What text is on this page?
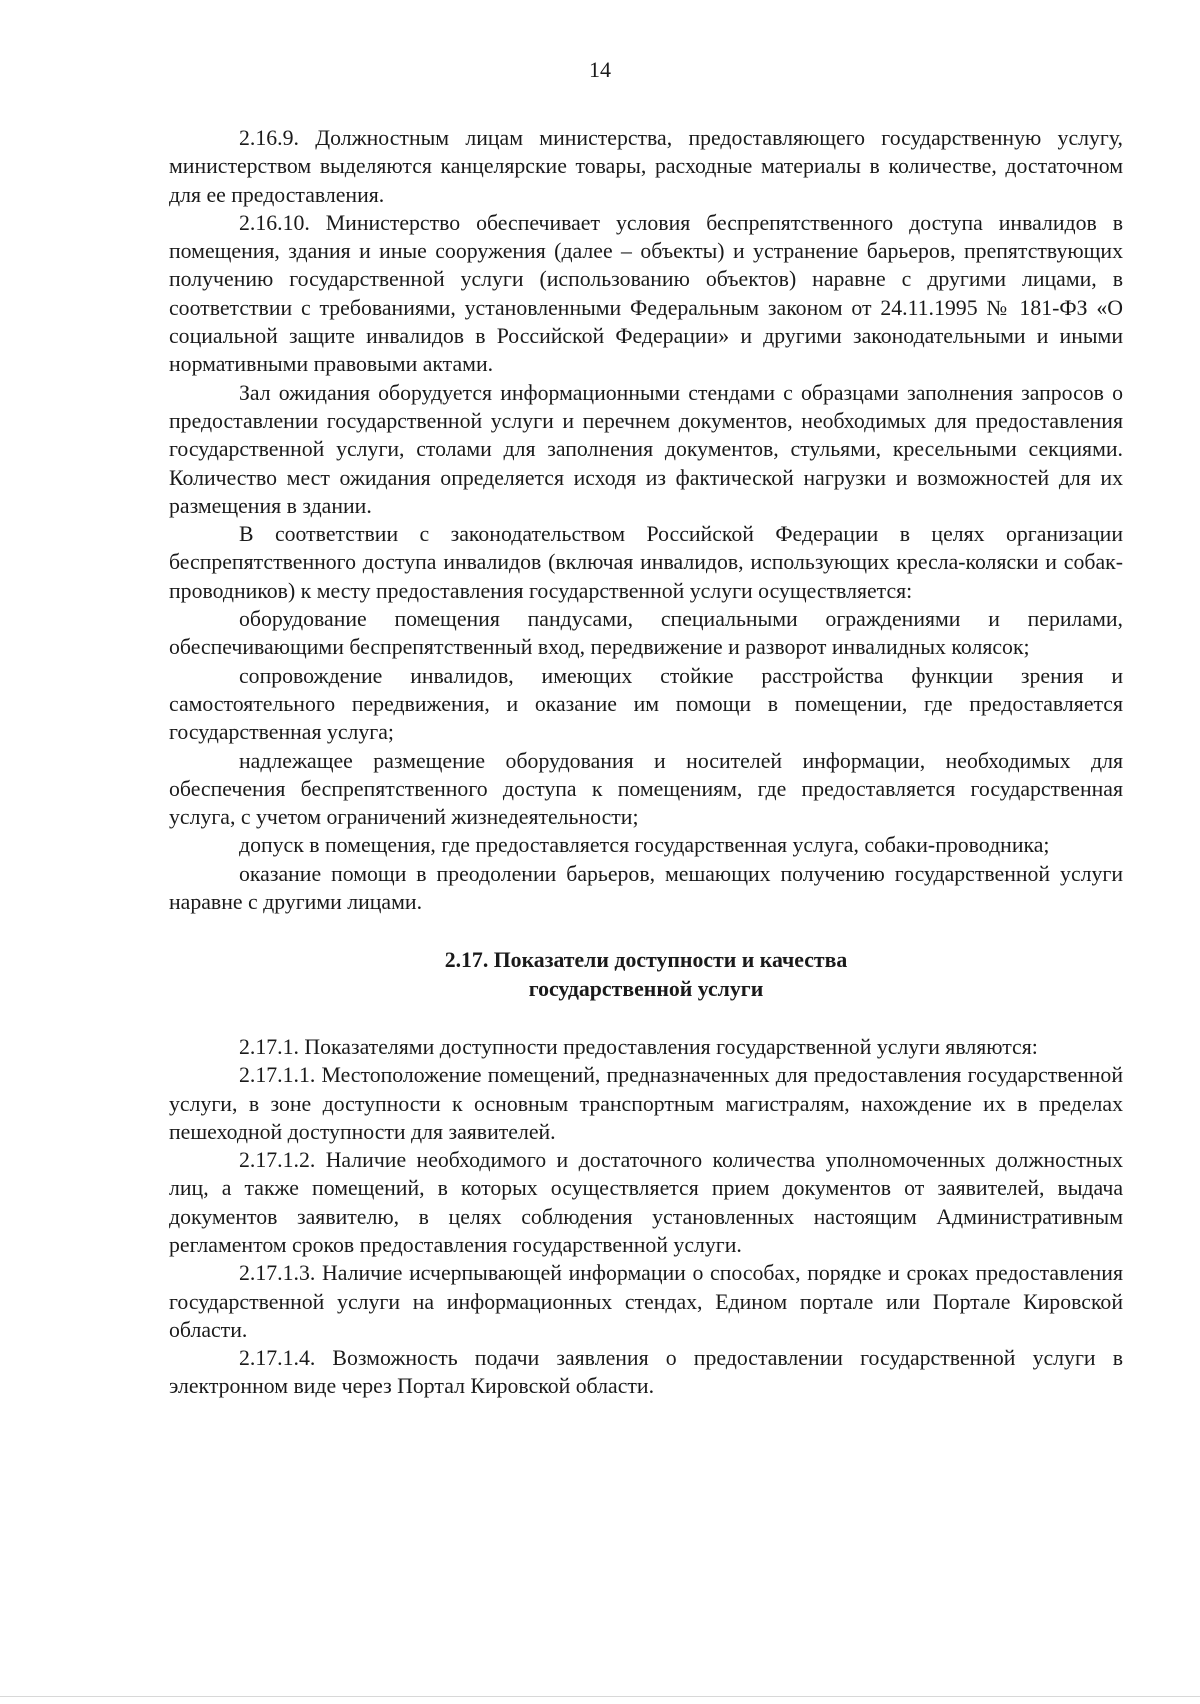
14

2.16.9. Должностным лицам министерства, предоставляющего государственную услугу, министерством выделяются канцелярские товары, расходные материалы в количестве, достаточном для ее предоставления.

2.16.10. Министерство обеспечивает условия беспрепятственного доступа инвалидов в помещения, здания и иные сооружения (далее – объекты) и устранение барьеров, препятствующих получению государственной услуги (использованию объектов) наравне с другими лицами, в соответствии с требованиями, установленными Федеральным законом от 24.11.1995 № 181-ФЗ «О социальной защите инвалидов в Российской Федерации» и другими законодательными и иными нормативными правовыми актами.

Зал ожидания оборудуется информационными стендами с образцами заполнения запросов о предоставлении государственной услуги и перечнем документов, необходимых для предоставления государственной услуги, столами для заполнения документов, стульями, кресельными секциями. Количество мест ожидания определяется исходя из фактической нагрузки и возможностей для их размещения в здании.

В соответствии с законодательством Российской Федерации в целях организации беспрепятственного доступа инвалидов (включая инвалидов, использующих кресла-коляски и собак-проводников) к месту предоставления государственной услуги осуществляется:

оборудование помещения пандусами, специальными ограждениями и перилами, обеспечивающими беспрепятственный вход, передвижение и разворот инвалидных колясок;

сопровождение инвалидов, имеющих стойкие расстройства функции зрения и самостоятельного передвижения, и оказание им помощи в помещении, где предоставляется государственная услуга;

надлежащее размещение оборудования и носителей информации, необходимых для обеспечения беспрепятственного доступа к помещениям, где предоставляется государственная услуга, с учетом ограничений жизнедеятельности;

допуск в помещения, где предоставляется государственная услуга, собаки-проводника;

оказание помощи в преодолении барьеров, мешающих получению государственной услуги наравне с другими лицами.

2.17. Показатели доступности и качества
государственной услуги

2.17.1. Показателями доступности предоставления государственной услуги являются:

2.17.1.1. Местоположение помещений, предназначенных для предоставления государственной услуги, в зоне доступности к основным транспортным магистралям, нахождение их в пределах пешеходной доступности для заявителей.

2.17.1.2. Наличие необходимого и достаточного количества уполномоченных должностных лиц, а также помещений, в которых осуществляется прием документов от заявителей, выдача документов заявителю, в целях соблюдения установленных настоящим Административным регламентом сроков предоставления государственной услуги.

2.17.1.3. Наличие исчерпывающей информации о способах, порядке и сроках предоставления государственной услуги на информационных стендах, Едином портале или Портале Кировской области.

2.17.1.4. Возможность подачи заявления о предоставлении государственной услуги в электронном виде через Портал Кировской области.
